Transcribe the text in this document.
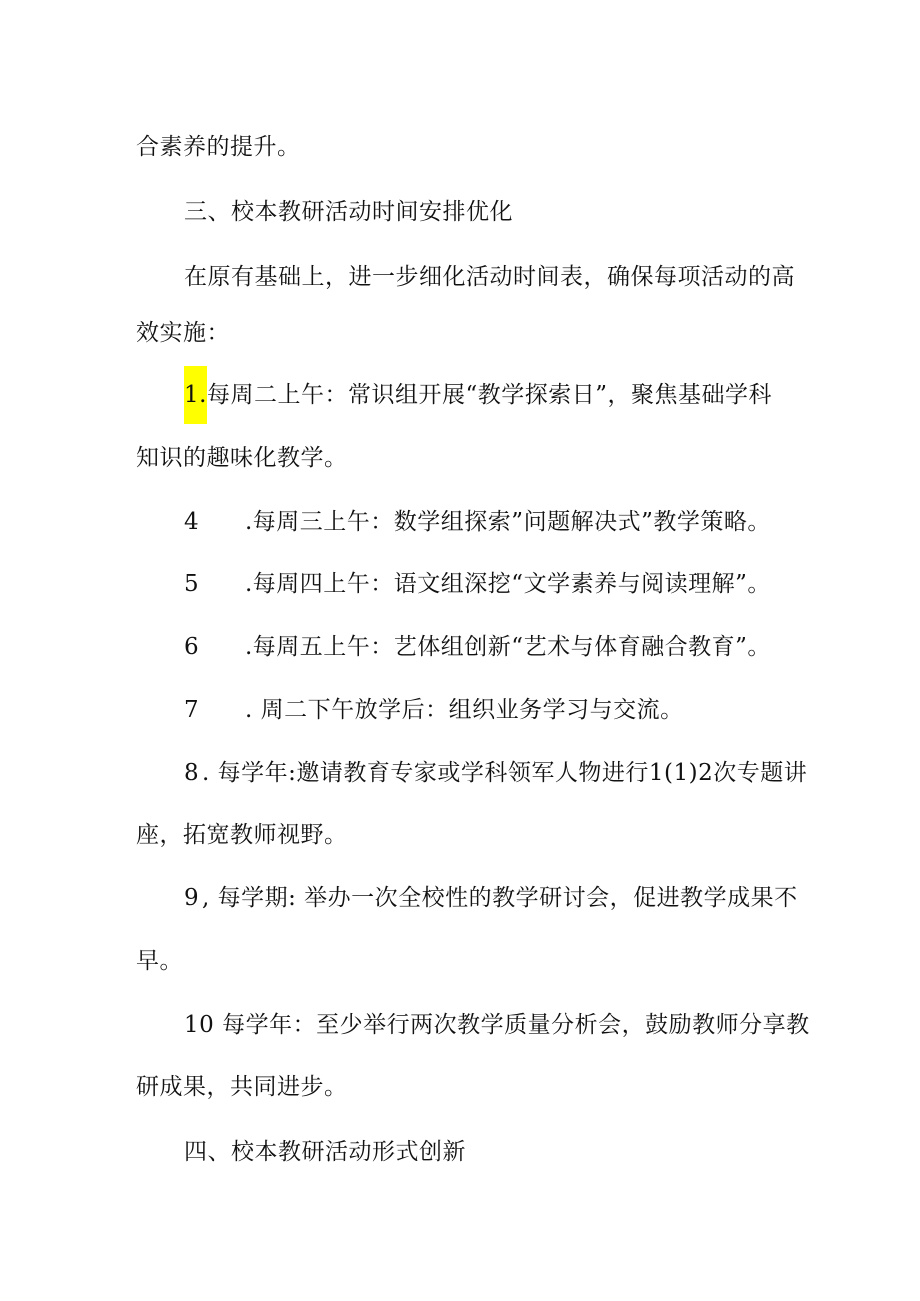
合素养的提升。
三、校本教研活动时间安排优化
在原有基础上，进一步细化活动时间表，确保每项活动的高
效实施：
1.每周二上午：常识组开展“教学探索日”，聚焦基础学科
知识的趣味化教学。
4 .每周三上午：数学组探索”问题解决式”教学策略。
5 .每周四上午：语文组深挖“文学素养与阅读理解”。
6 .每周五上午：艺体组创新“艺术与体育融合教育”。
7 . 周二下午放学后：组织业务学习与交流。
8 . 每学年:邀请教育专家或学科领军人物进行1(1)2次专题讲
座，拓宽教师视野。
9 , 每学期: 举办一次全校性的教学研讨会，促进教学成果不
早。
10 每学年：至少举行两次教学质量分析会，鼓励教师分享教
研成果，共同进步。
四、校本教研活动形式创新
